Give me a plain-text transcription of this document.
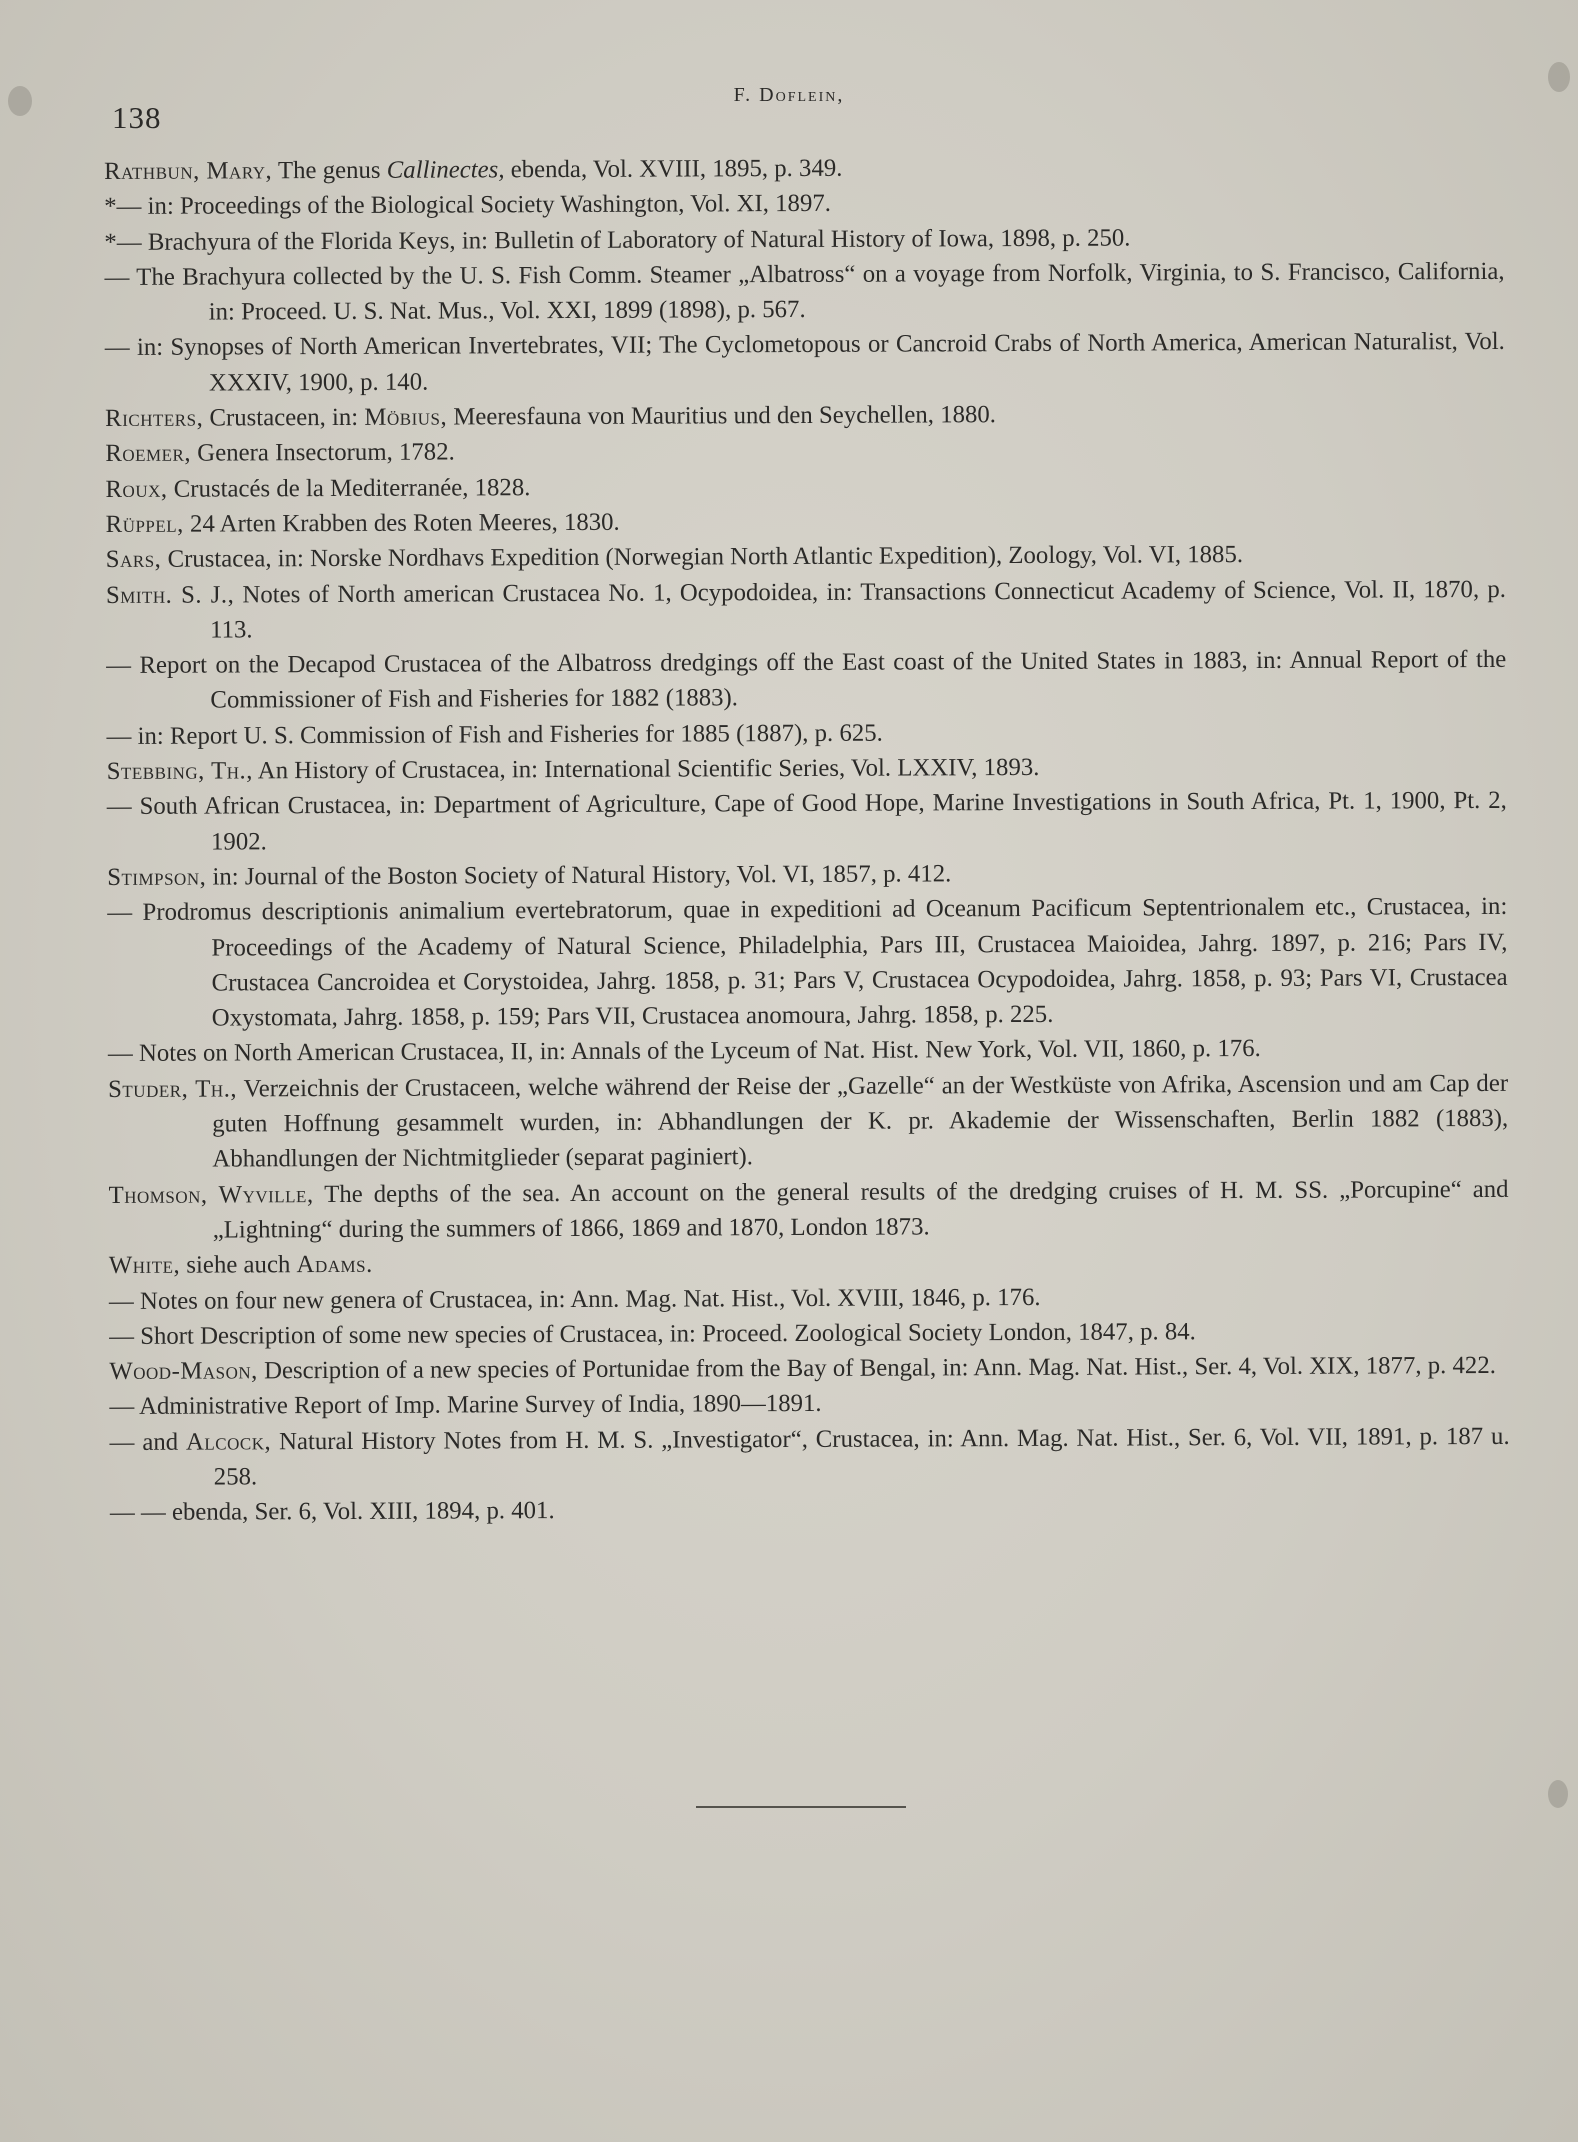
F. Doflein,
138
Rathbun, Mary, The genus Callinectes, ebenda, Vol. XVIII, 1895, p. 349.
*— in: Proceedings of the Biological Society Washington, Vol. XI, 1897.
*— Brachyura of the Florida Keys, in: Bulletin of Laboratory of Natural History of Iowa, 1898, p. 250.
— The Brachyura collected by the U. S. Fish Comm. Steamer „Albatross“ on a voyage from Norfolk, Virginia, to S. Francisco, California, in: Proceed. U. S. Nat. Mus., Vol. XXI, 1899 (1898), p. 567.
— in: Synopses of North American Invertebrates, VII; The Cyclometopous or Cancroid Crabs of North America, American Naturalist, Vol. XXXIV, 1900, p. 140.
Richters, Crustaceen, in: Möbius, Meeresfauna von Mauritius und den Seychellen, 1880.
Roemer, Genera Insectorum, 1782.
Roux, Crustacés de la Mediterranée, 1828.
Rüppel, 24 Arten Krabben des Roten Meeres, 1830.
Sars, Crustacea, in: Norske Nordhavs Expedition (Norwegian North Atlantic Expedition), Zoology, Vol. VI, 1885.
Smith. S. J., Notes of North american Crustacea No. 1, Ocypodoidea, in: Transactions Connecticut Academy of Science, Vol. II, 1870, p. 113.
— Report on the Decapod Crustacea of the Albatross dredgings off the East coast of the United States in 1883, in: Annual Report of the Commissioner of Fish and Fisheries for 1882 (1883).
— in: Report U. S. Commission of Fish and Fisheries for 1885 (1887), p. 625.
Stebbing, Th., An History of Crustacea, in: International Scientific Series, Vol. LXXIV, 1893.
— South African Crustacea, in: Department of Agriculture, Cape of Good Hope, Marine Investigations in South Africa, Pt. 1, 1900, Pt. 2, 1902.
Stimpson, in: Journal of the Boston Society of Natural History, Vol. VI, 1857, p. 412.
— Prodromus descriptionis animalium evertebratorum, quae in expeditioni ad Oceanum Pacificum Septentrionalem etc., Crustacea, in: Proceedings of the Academy of Natural Science, Philadelphia, Pars III, Crustacea Maioidea, Jahrg. 1897, p. 216; Pars IV, Crustacea Cancroidea et Corystoidea, Jahrg. 1858, p. 31; Pars V, Crustacea Ocypodoidea, Jahrg. 1858, p. 93; Pars VI, Crustacea Oxystomata, Jahrg. 1858, p. 159; Pars VII, Crustacea anomoura, Jahrg. 1858, p. 225.
— Notes on North American Crustacea, II, in: Annals of the Lyceum of Nat. Hist. New York, Vol. VII, 1860, p. 176.
Studer, Th., Verzeichnis der Crustaceen, welche während der Reise der „Gazelle“ an der Westküste von Afrika, Ascension und am Cap der guten Hoffnung gesammelt wurden, in: Abhandlungen der K. pr. Akademie der Wissenschaften, Berlin 1882 (1883), Abhandlungen der Nichtmitglieder (separat paginiert).
Thomson, Wyville, The depths of the sea. An account on the general results of the dredging cruises of H. M. SS. „Porcupine“ and „Lightning“ during the summers of 1866, 1869 and 1870, London 1873.
White, siehe auch Adams.
— Notes on four new genera of Crustacea, in: Ann. Mag. Nat. Hist., Vol. XVIII, 1846, p. 176.
— Short Description of some new species of Crustacea, in: Proceed. Zoological Society London, 1847, p. 84.
Wood-Mason, Description of a new species of Portunidae from the Bay of Bengal, in: Ann. Mag. Nat. Hist., Ser. 4, Vol. XIX, 1877, p. 422.
— Administrative Report of Imp. Marine Survey of India, 1890—1891.
— and Alcock, Natural History Notes from H. M. S. „Investigator“, Crustacea, in: Ann. Mag. Nat. Hist., Ser. 6, Vol. VII, 1891, p. 187 u. 258.
— — ebenda, Ser. 6, Vol. XIII, 1894, p. 401.
